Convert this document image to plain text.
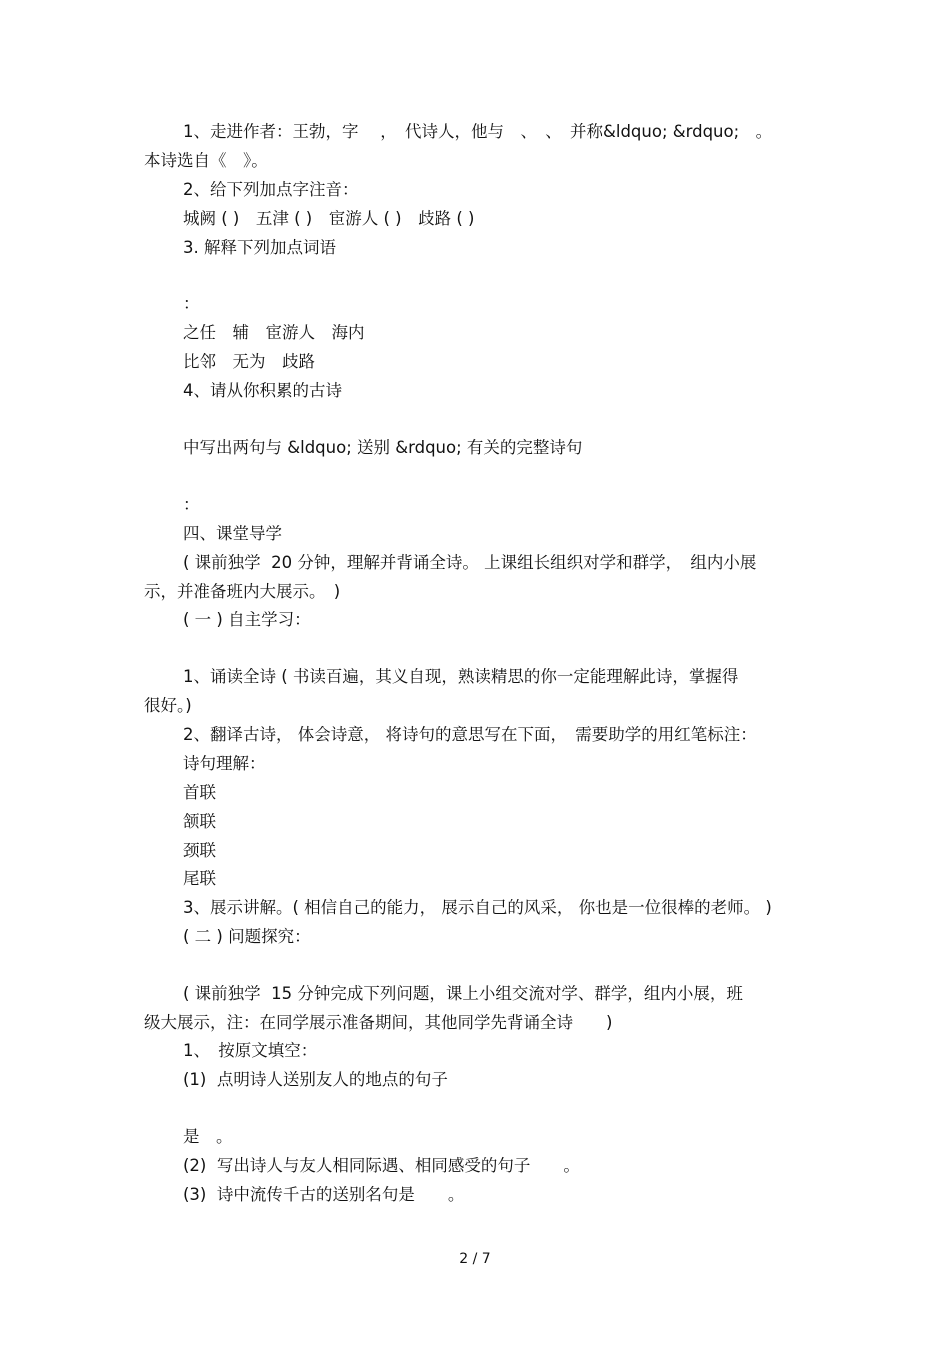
1、走进作者：王勃，字　 ，　代诗人，他与　、　、　并称&ldquo; &rdquo;　。
本诗选自《　》。
2、给下列加点字注音：
城阙 ( )　五津 ( )　宦游人 ( )　歧路 ( )
3. 解释下列加点词语
：
之任　辅　宦游人　海内
比邻　无为　歧路
4、请从你积累的古诗
中写出两句与 &ldquo; 送别 &rdquo; 有关的完整诗句
：
四、课堂导学
( 课前独学  20 分钟，理解并背诵全诗。 上课组长组织对学和群学，　组内小展
示，并准备班内大展示。　)
( 一 ) 自主学习：
1、诵读全诗 ( 书读百遍，其义自现，熟读精思的你一定能理解此诗，掌握得
很好。)
2、翻译古诗， 体会诗意， 将诗句的意思写在下面，　需要助学的用红笔标注：
诗句理解：
首联
颔联
颈联
尾联
3、展示讲解。( 相信自己的能力， 展示自己的风采， 你也是一位很棒的老师。 )
( 二 ) 问题探究：
( 课前独学  15 分钟完成下列问题，课上小组交流对学、群学，组内小展，班
级大展示，注：在同学展示准备期间，其他同学先背诵全诗　　)
1、　按原文填空：
(1)  点明诗人送别友人的地点的句子
是　。
(2)  写出诗人与友人相同际遇、相同感受的句子　　。
(3)  诗中流传千古的送别名句是　　。
2 / 7
